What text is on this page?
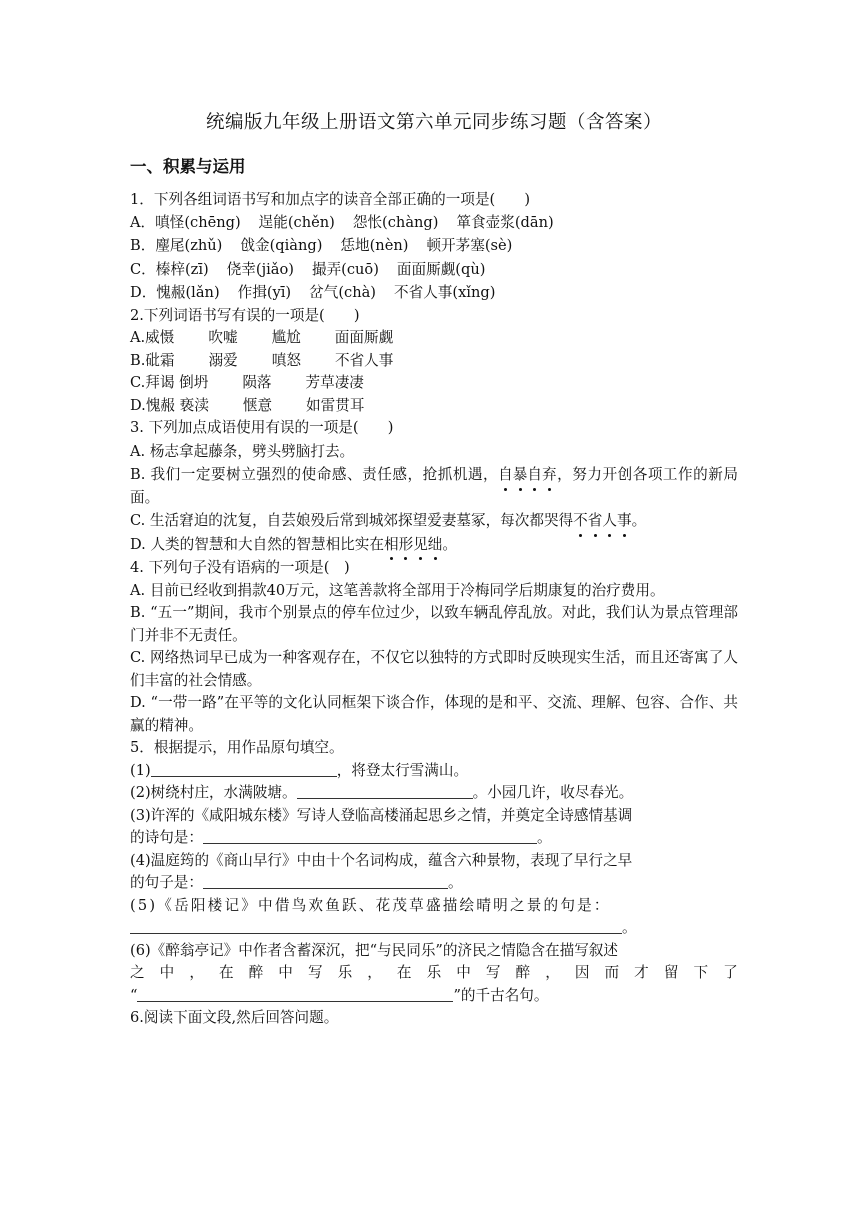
统编版九年级上册语文第六单元同步练习题（含答案）
一、积累与运用
1．下列各组词语书写和加点字的读音全部正确的一项是(　　)
A．嗔怪(chēng) 逞能(chěn) 怨怅(chàng) 箪食壶浆(dān)
B．麈尾(zhǔ) 戗金(qiàng) 恁地(nèn) 顿开茅塞(sè)
C．榛梓(zī) 侥幸(jiǎo) 撮弄(cuō) 面面厮觑(qù)
D．愧赧(lǎn) 作揖(yī) 岔气(chà) 不省人事(xǐng)
2.下列词语书写有误的一项是(　　)
A.威慑 吹嘘 尴尬 面面厮觑
B.砒霜 溺爱 嗔怒 不省人事
C.拜谒 倒坍 陨落 芳草凄凄
D.愧赧 亵渎 惬意 如雷贯耳
3. 下列加点成语使用有误的一项是(　　)
A. 杨志拿起藤条，劈头劈脑打去。
B. 我们一定要树立强烈的使命感、责任感，抢抓机遇，自暴自弃，努力开创各项工作的新局面。
C. 生活窘迫的沈复，自芸娘殁后常到城郊探望爱妻墓冢，每次都哭得不省人事。
D. 人类的智慧和大自然的智慧相比实在相形见绌。
4. 下列句子没有语病的一项是(　)
A. 目前已经收到捐款40万元，这笔善款将全部用于冷梅同学后期康复的治疗费用。
B. “五一”期间，我市个别景点的停车位过少，以致车辆乱停乱放。对此，我们认为景点管理部门并非不无责任。
C. 网络热词早已成为一种客观存在，不仅它以独特的方式即时反映现实生活，而且还寄寓了人们丰富的社会情感。
D. “一带一路”在平等的文化认同框架下谈合作，体现的是和平、交流、理解、包容、合作、共赢的精神。
5．根据提示，用作品原句填空。
(1)	，将登太行雪满山。
(2)树绕村庄，水满陂塘。	。小园几许，收尽春光。
(3)许浑的《咸阳城东楼》写诗人登临高楼涌起思乡之情，并奠定全诗感情基调
的诗句是：	。
(4)温庭筠的《商山早行》中由十个名词构成，蕴含六种景物，表现了早行之早
的句子是：	。
(5)《岳阳楼记》中借鸟欢鱼跃、花茂草盛描绘晴明之景的句是：
。
(6)《醉翁亭记》中作者含蓄深沉，把“与民同乐”的济民之情隐含在描写叙述
之 中 ， 在 醉 中 写 乐 ， 在 乐 中 写 醉 ， 因 而 才 留 下 了
“	”的千古名句。
6.阅读下面文段,然后回答问题。
